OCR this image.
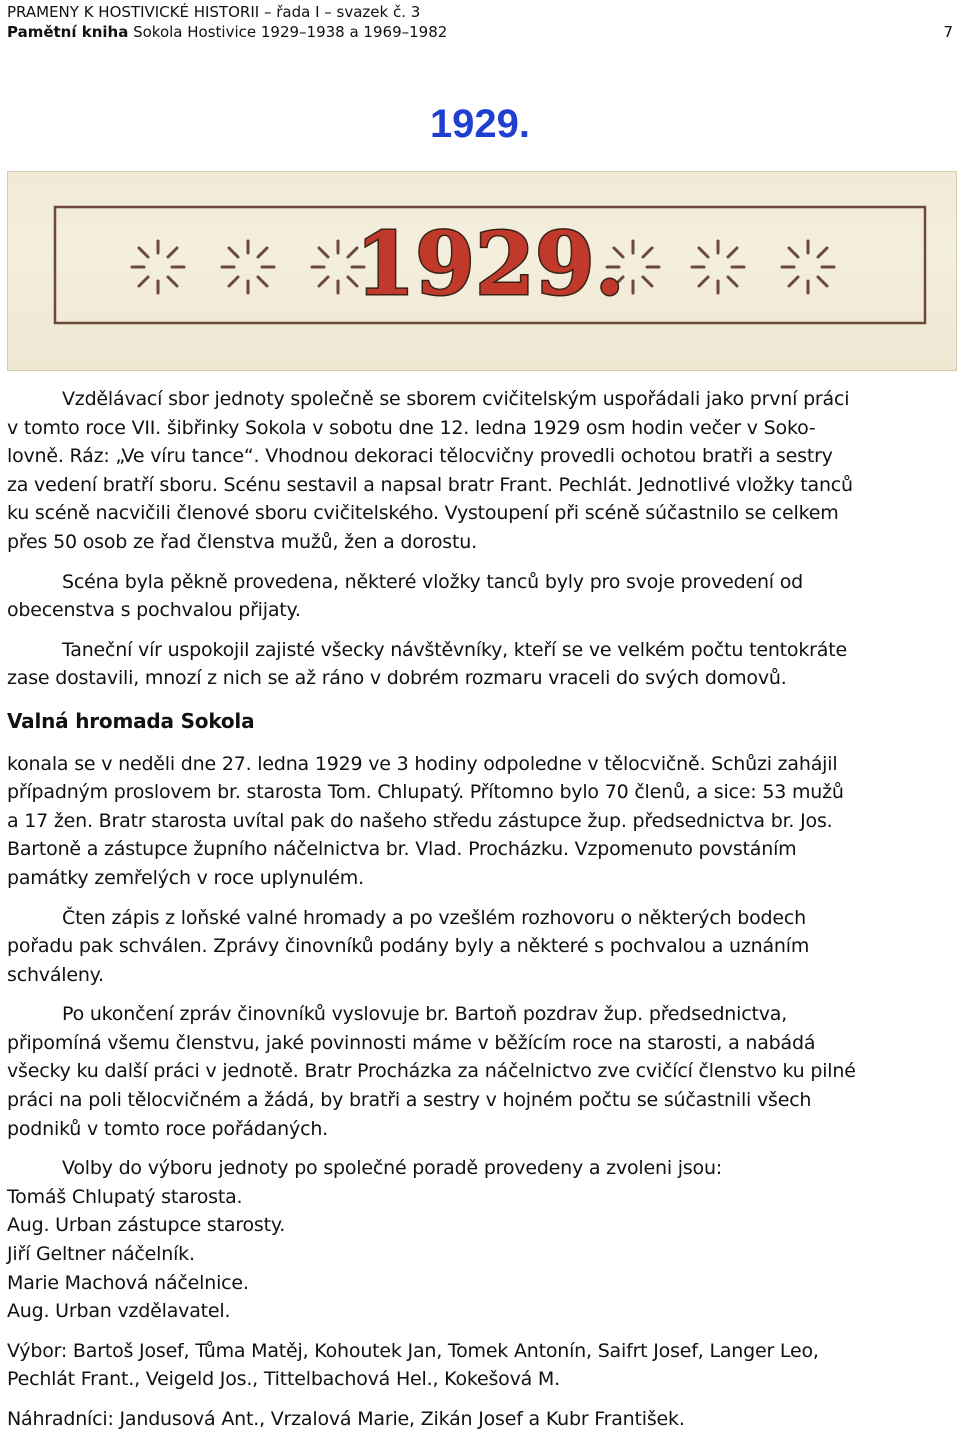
PRAMENY K HOSTIVICKÉ HISTORII – řada I – svazek č. 3
Pamětní kniha Sokola Hostivice 1929–1938 a 1969–1982	7
1929.
1929.

Vzdělávací sbor jednoty společně se sborem cvičitelským uspořádali jako první práci
v tomto roce VII. šibřinky Sokola v sobotu dne 12. ledna 1929 osm hodin večer v Soko-
lovně. Ráz: „Ve víru tance“. Vhodnou dekoraci tělocvičny provedli ochotou bratři a sestry
za vedení bratří sboru. Scénu sestavil a napsal bratr Frant. Pechlát. Jednotlivé vložky tanců
ku scéně nacvičili členové sboru cvičitelského. Vystoupení při scéně súčastnilo se celkem
přes 50 osob ze řad členstva mužů, žen a dorostu.

Scéna byla pěkně provedena, některé vložky tanců byly pro svoje provedení od
obecenstva s pochvalou přijaty.

Taneční vír uspokojil zajisté všecky návštěvníky, kteří se ve velkém počtu tentokráte
zase dostavili, mnozí z nich se až ráno v dobrém rozmaru vraceli do svých domovů.

Valná hromada Sokola

konala se v neděli dne 27. ledna 1929 ve 3 hodiny odpoledne v tělocvičně. Schůzi zahájil
případným proslovem br. starosta Tom. Chlupatý. Přítomno bylo 70 členů, a sice: 53 mužů
a 17 žen. Bratr starosta uvítal pak do našeho středu zástupce žup. předsednictva br. Jos.
Bartoně a zástupce župního náčelnictva br. Vlad. Procházku. Vzpomenuto povstáním
památky zemřelých v roce uplynulém.

Čten zápis z loňské valné hromady a po vzešlém rozhovoru o některých bodech
pořadu pak schválen. Zprávy činovníků podány byly a některé s pochvalou a uznáním
schváleny.

Po ukončení zpráv činovníků vyslovuje br. Bartoň pozdrav žup. předsednictva,
připomíná všemu členstvu, jaké povinnosti máme v běžícím roce na starosti, a nabádá
všecky ku další práci v jednotě. Bratr Procházka za náčelnictvo zve cvičící členstvo ku pilné
práci na poli tělocvičném a žádá, by bratři a sestry v hojném počtu se súčastnili všech
podniků v tomto roce pořádaných.

Volby do výboru jednoty po společné poradě provedeny a zvoleni jsou:

Tomáš Chlupatý starosta.
Aug. Urban zástupce starosty.
Jiří Geltner náčelník.
Marie Machová náčelnice.
Aug. Urban vzdělavatel.

Výbor: Bartoš Josef, Tůma Matěj, Kohoutek Jan, Tomek Antonín, Saifrt Josef, Langer Leo,
Pechlát Frant., Veigeld Jos., Tittelbachová Hel., Kokešová M.

Náhradníci: Jandusová Ant., Vrzalová Marie, Zikán Josef a Kubr František.
